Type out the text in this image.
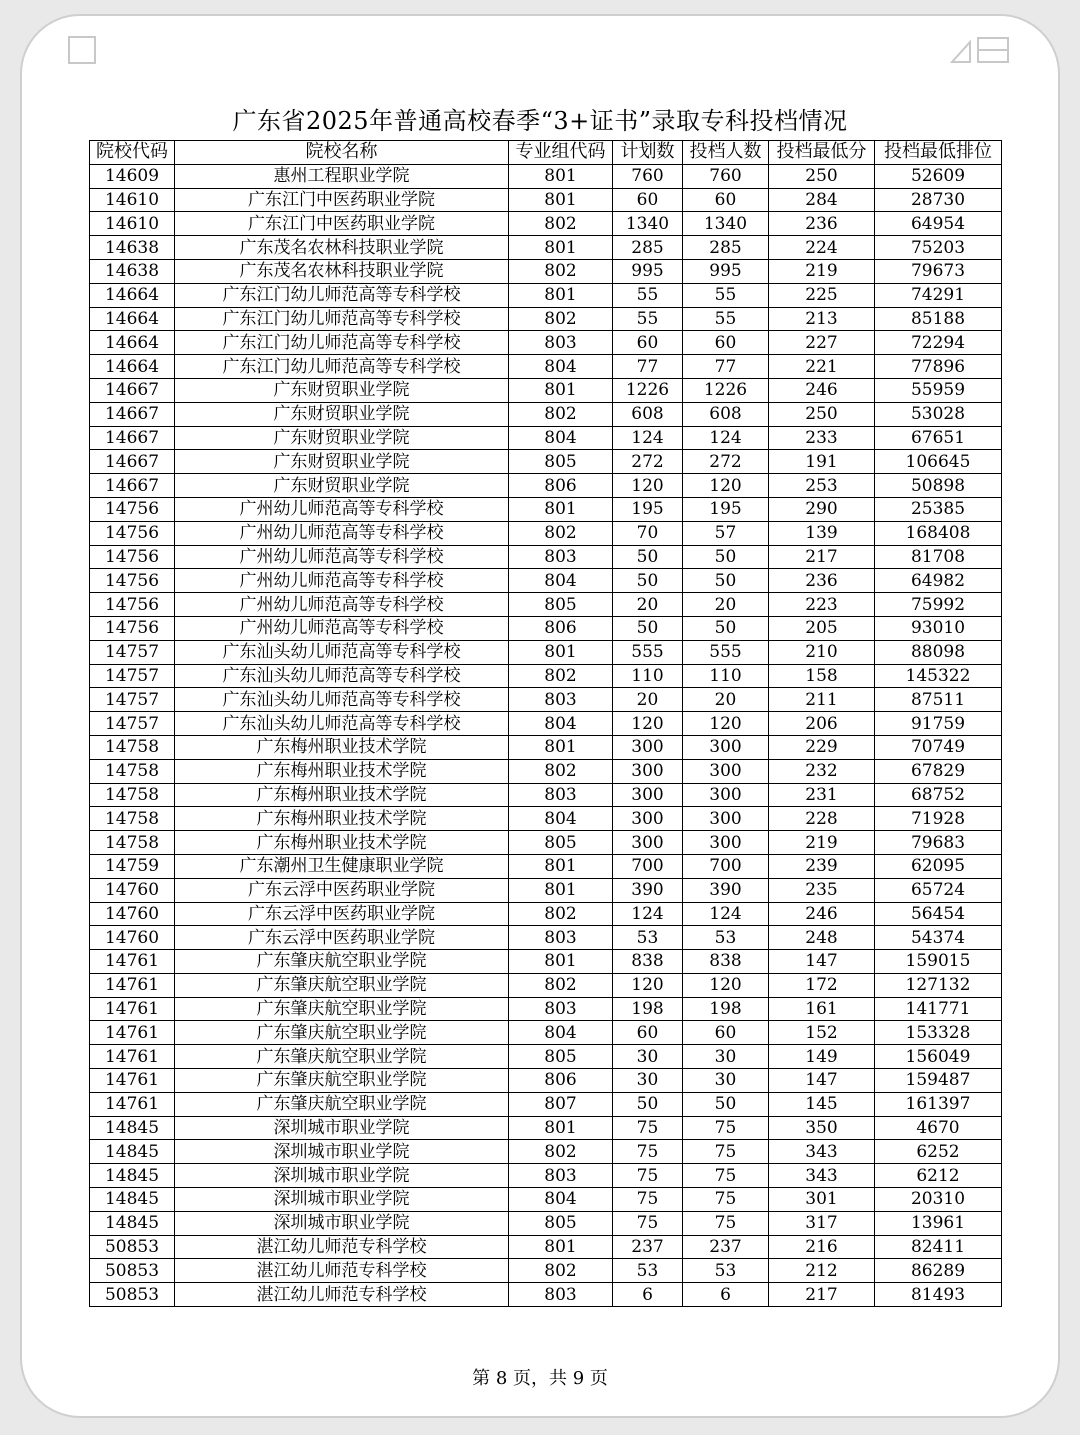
广东省2025年普通高校春季“3+证书”录取专科投档情况
院校代码	院校名称	专业组代码	计划数	投档人数	投档最低分	投档最低排位
14609	惠州工程职业学院	801	760	760	250	52609
14610	广东江门中医药职业学院	801	60	60	284	28730
14610	广东江门中医药职业学院	802	1340	1340	236	64954
14638	广东茂名农林科技职业学院	801	285	285	224	75203
14638	广东茂名农林科技职业学院	802	995	995	219	79673
14664	广东江门幼儿师范高等专科学校	801	55	55	225	74291
14664	广东江门幼儿师范高等专科学校	802	55	55	213	85188
14664	广东江门幼儿师范高等专科学校	803	60	60	227	72294
14664	广东江门幼儿师范高等专科学校	804	77	77	221	77896
14667	广东财贸职业学院	801	1226	1226	246	55959
14667	广东财贸职业学院	802	608	608	250	53028
14667	广东财贸职业学院	804	124	124	233	67651
14667	广东财贸职业学院	805	272	272	191	106645
14667	广东财贸职业学院	806	120	120	253	50898
14756	广州幼儿师范高等专科学校	801	195	195	290	25385
14756	广州幼儿师范高等专科学校	802	70	57	139	168408
14756	广州幼儿师范高等专科学校	803	50	50	217	81708
14756	广州幼儿师范高等专科学校	804	50	50	236	64982
14756	广州幼儿师范高等专科学校	805	20	20	223	75992
14756	广州幼儿师范高等专科学校	806	50	50	205	93010
14757	广东汕头幼儿师范高等专科学校	801	555	555	210	88098
14757	广东汕头幼儿师范高等专科学校	802	110	110	158	145322
14757	广东汕头幼儿师范高等专科学校	803	20	20	211	87511
14757	广东汕头幼儿师范高等专科学校	804	120	120	206	91759
14758	广东梅州职业技术学院	801	300	300	229	70749
14758	广东梅州职业技术学院	802	300	300	232	67829
14758	广东梅州职业技术学院	803	300	300	231	68752
14758	广东梅州职业技术学院	804	300	300	228	71928
14758	广东梅州职业技术学院	805	300	300	219	79683
14759	广东潮州卫生健康职业学院	801	700	700	239	62095
14760	广东云浮中医药职业学院	801	390	390	235	65724
14760	广东云浮中医药职业学院	802	124	124	246	56454
14760	广东云浮中医药职业学院	803	53	53	248	54374
14761	广东肇庆航空职业学院	801	838	838	147	159015
14761	广东肇庆航空职业学院	802	120	120	172	127132
14761	广东肇庆航空职业学院	803	198	198	161	141771
14761	广东肇庆航空职业学院	804	60	60	152	153328
14761	广东肇庆航空职业学院	805	30	30	149	156049
14761	广东肇庆航空职业学院	806	30	30	147	159487
14761	广东肇庆航空职业学院	807	50	50	145	161397
14845	深圳城市职业学院	801	75	75	350	4670
14845	深圳城市职业学院	802	75	75	343	6252
14845	深圳城市职业学院	803	75	75	343	6212
14845	深圳城市职业学院	804	75	75	301	20310
14845	深圳城市职业学院	805	75	75	317	13961
50853	湛江幼儿师范专科学校	801	237	237	216	82411
50853	湛江幼儿师范专科学校	802	53	53	212	86289
50853	湛江幼儿师范专科学校	803	6	6	217	81493
第 8 页，共 9 页
